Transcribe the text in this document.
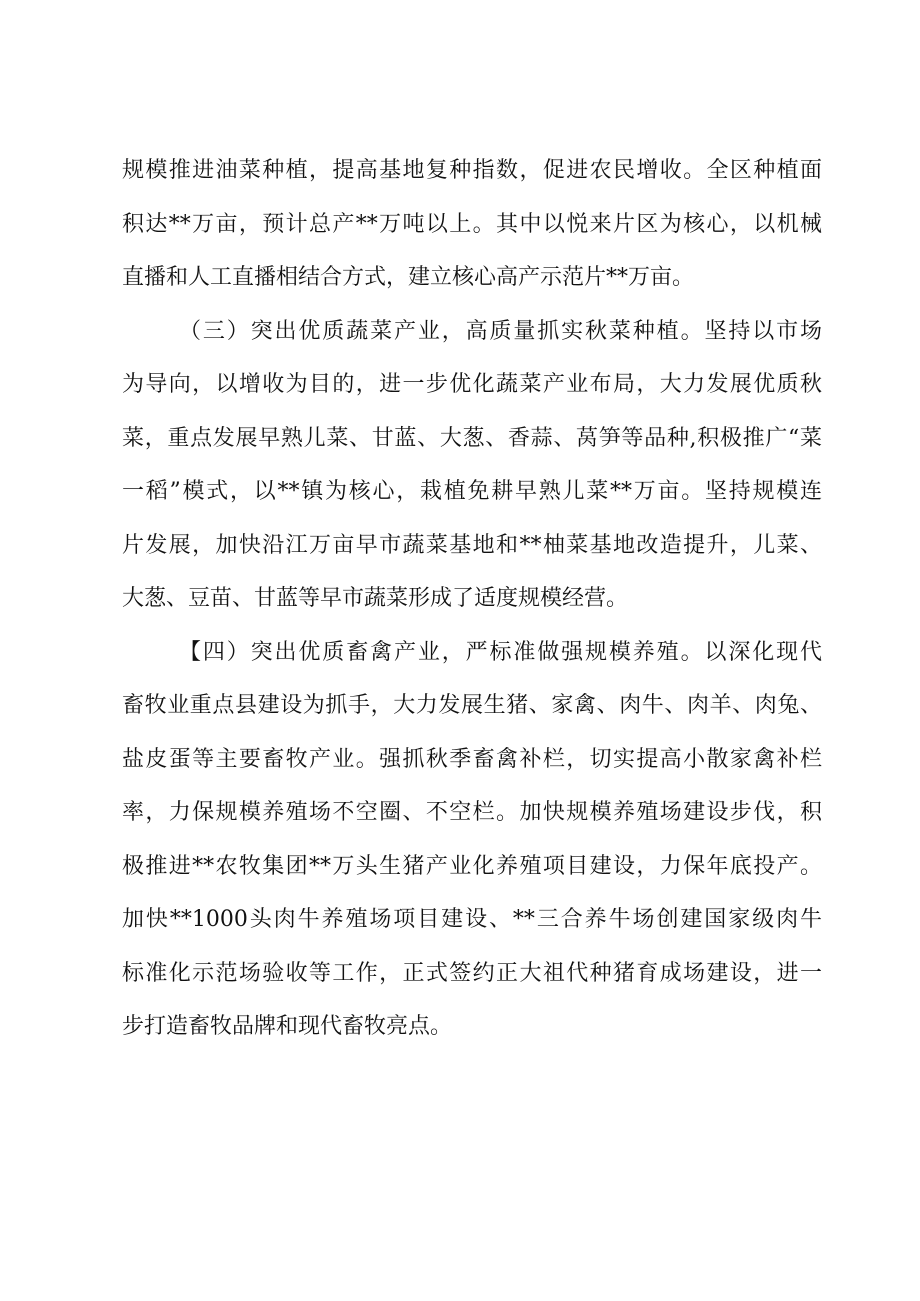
规模推进油菜种植，提高基地复种指数，促进农民增收。全区种植面
积达**万亩，预计总产**万吨以上。其中以悦来片区为核心，以机械
直播和人工直播相结合方式，建立核心高产示范片**万亩。
（三）突出优质蔬菜产业，高质量抓实秋菜种植。坚持以市场
为导向，以增收为目的，进一步优化蔬菜产业布局，大力发展优质秋
菜，重点发展早熟儿菜、甘蓝、大葱、香蒜、莴笋等品种,积极推广“菜
一稻”模式，以**镇为核心，栽植免耕早熟儿菜**万亩。坚持规模连
片发展，加快沿江万亩早市蔬菜基地和**柚菜基地改造提升，儿菜、
大葱、豆苗、甘蓝等早市蔬菜形成了适度规模经营。
【四）突出优质畜禽产业，严标准做强规模养殖。以深化现代
畜牧业重点县建设为抓手，大力发展生猪、家禽、肉牛、肉羊、肉兔、
盐皮蛋等主要畜牧产业。强抓秋季畜禽补栏，切实提高小散家禽补栏
率，力保规模养殖场不空圈、不空栏。加快规模养殖场建设步伐，积
极推进**农牧集团**万头生猪产业化养殖项目建设，力保年底投产。
加快**1000头肉牛养殖场项目建设、**三合养牛场创建国家级肉牛
标准化示范场验收等工作，正式签约正大祖代种猪育成场建设，进一
步打造畜牧品牌和现代畜牧亮点。
